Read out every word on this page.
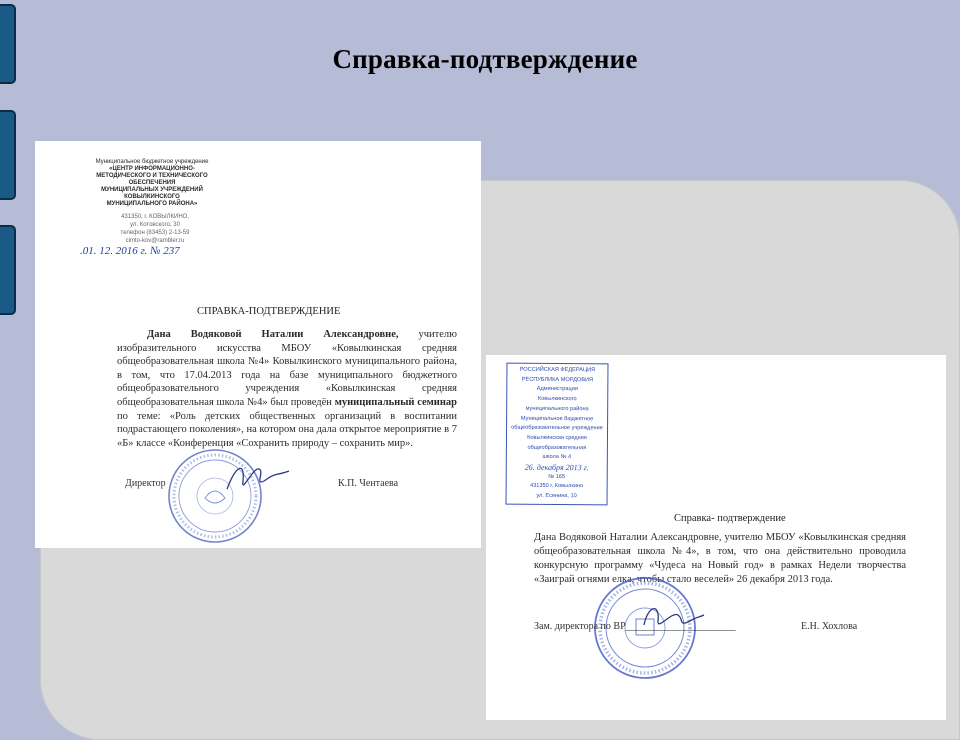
Справка-подтверждение
Муниципальное бюджетное учреждение
«ЦЕНТР ИНФОРМАЦИОННО-
МЕТОДИЧЕСКОГО И ТЕХНИЧЕСКОГО
ОБЕСПЕЧЕНИЯ
МУНИЦИПАЛЬНЫХ УЧРЕЖДЕНИЙ
КОВЫЛКИНСКОГО
МУНИЦИПАЛЬНОГО РАЙОНА»
431350, г. КОВЫЛКИНО,
ул. Котовского, 30
телефон (83453) 2-13-59
cimto-kov@rambler.ru
.01. 12. 2016 г. № 237
СПРАВКА-ПОДТВЕРЖДЕНИЕ
Дана Водяковой Наталии Александровне, учителю изобразительного искусства МБОУ «Ковылкинская средняя общеобразовательная школа №4» Ковылкинского муниципального района, в том, что 17.04.2013 года на базе муниципального бюджетного общеобразовательного учреждения «Ковылкинская средняя общеобразовательная школа №4» был проведён муниципальный семинар по теме: «Роль детских общественных организаций в воспитании подрастающего поколения», на котором она дала открытое мероприятие в 7 «Б» классе «Конференция «Сохранить природу – сохранить мир».
Директор	К.П. Чентаева
РОССИЙСКАЯ ФЕДЕРАЦИЯ
РЕСПУБЛИКА МОРДОВИЯ
Администрация
Ковылкинского
муниципального района
Муниципальное бюджетное
общеобразовательное учреждение
Ковылкинская средняя
общеобразовательная
школа № 4
26. декабря 2013 г.
№ 165
431350 г. Ковылкино
ул. Есенина, 10
Справка- подтверждение
Дана Водяковой Наталии Александровне, учителю МБОУ «Ковылкинская средняя общеобразовательная школа №4», в том, что она действительно проводила конкурсную программу «Чудеса на Новый год» в рамках Недели творчества «Заиграй огнями елка, чтобы стало веселей» 26 декабря 2013 года.
Зам. директора по ВР______________________	Е.Н. Хохлова
